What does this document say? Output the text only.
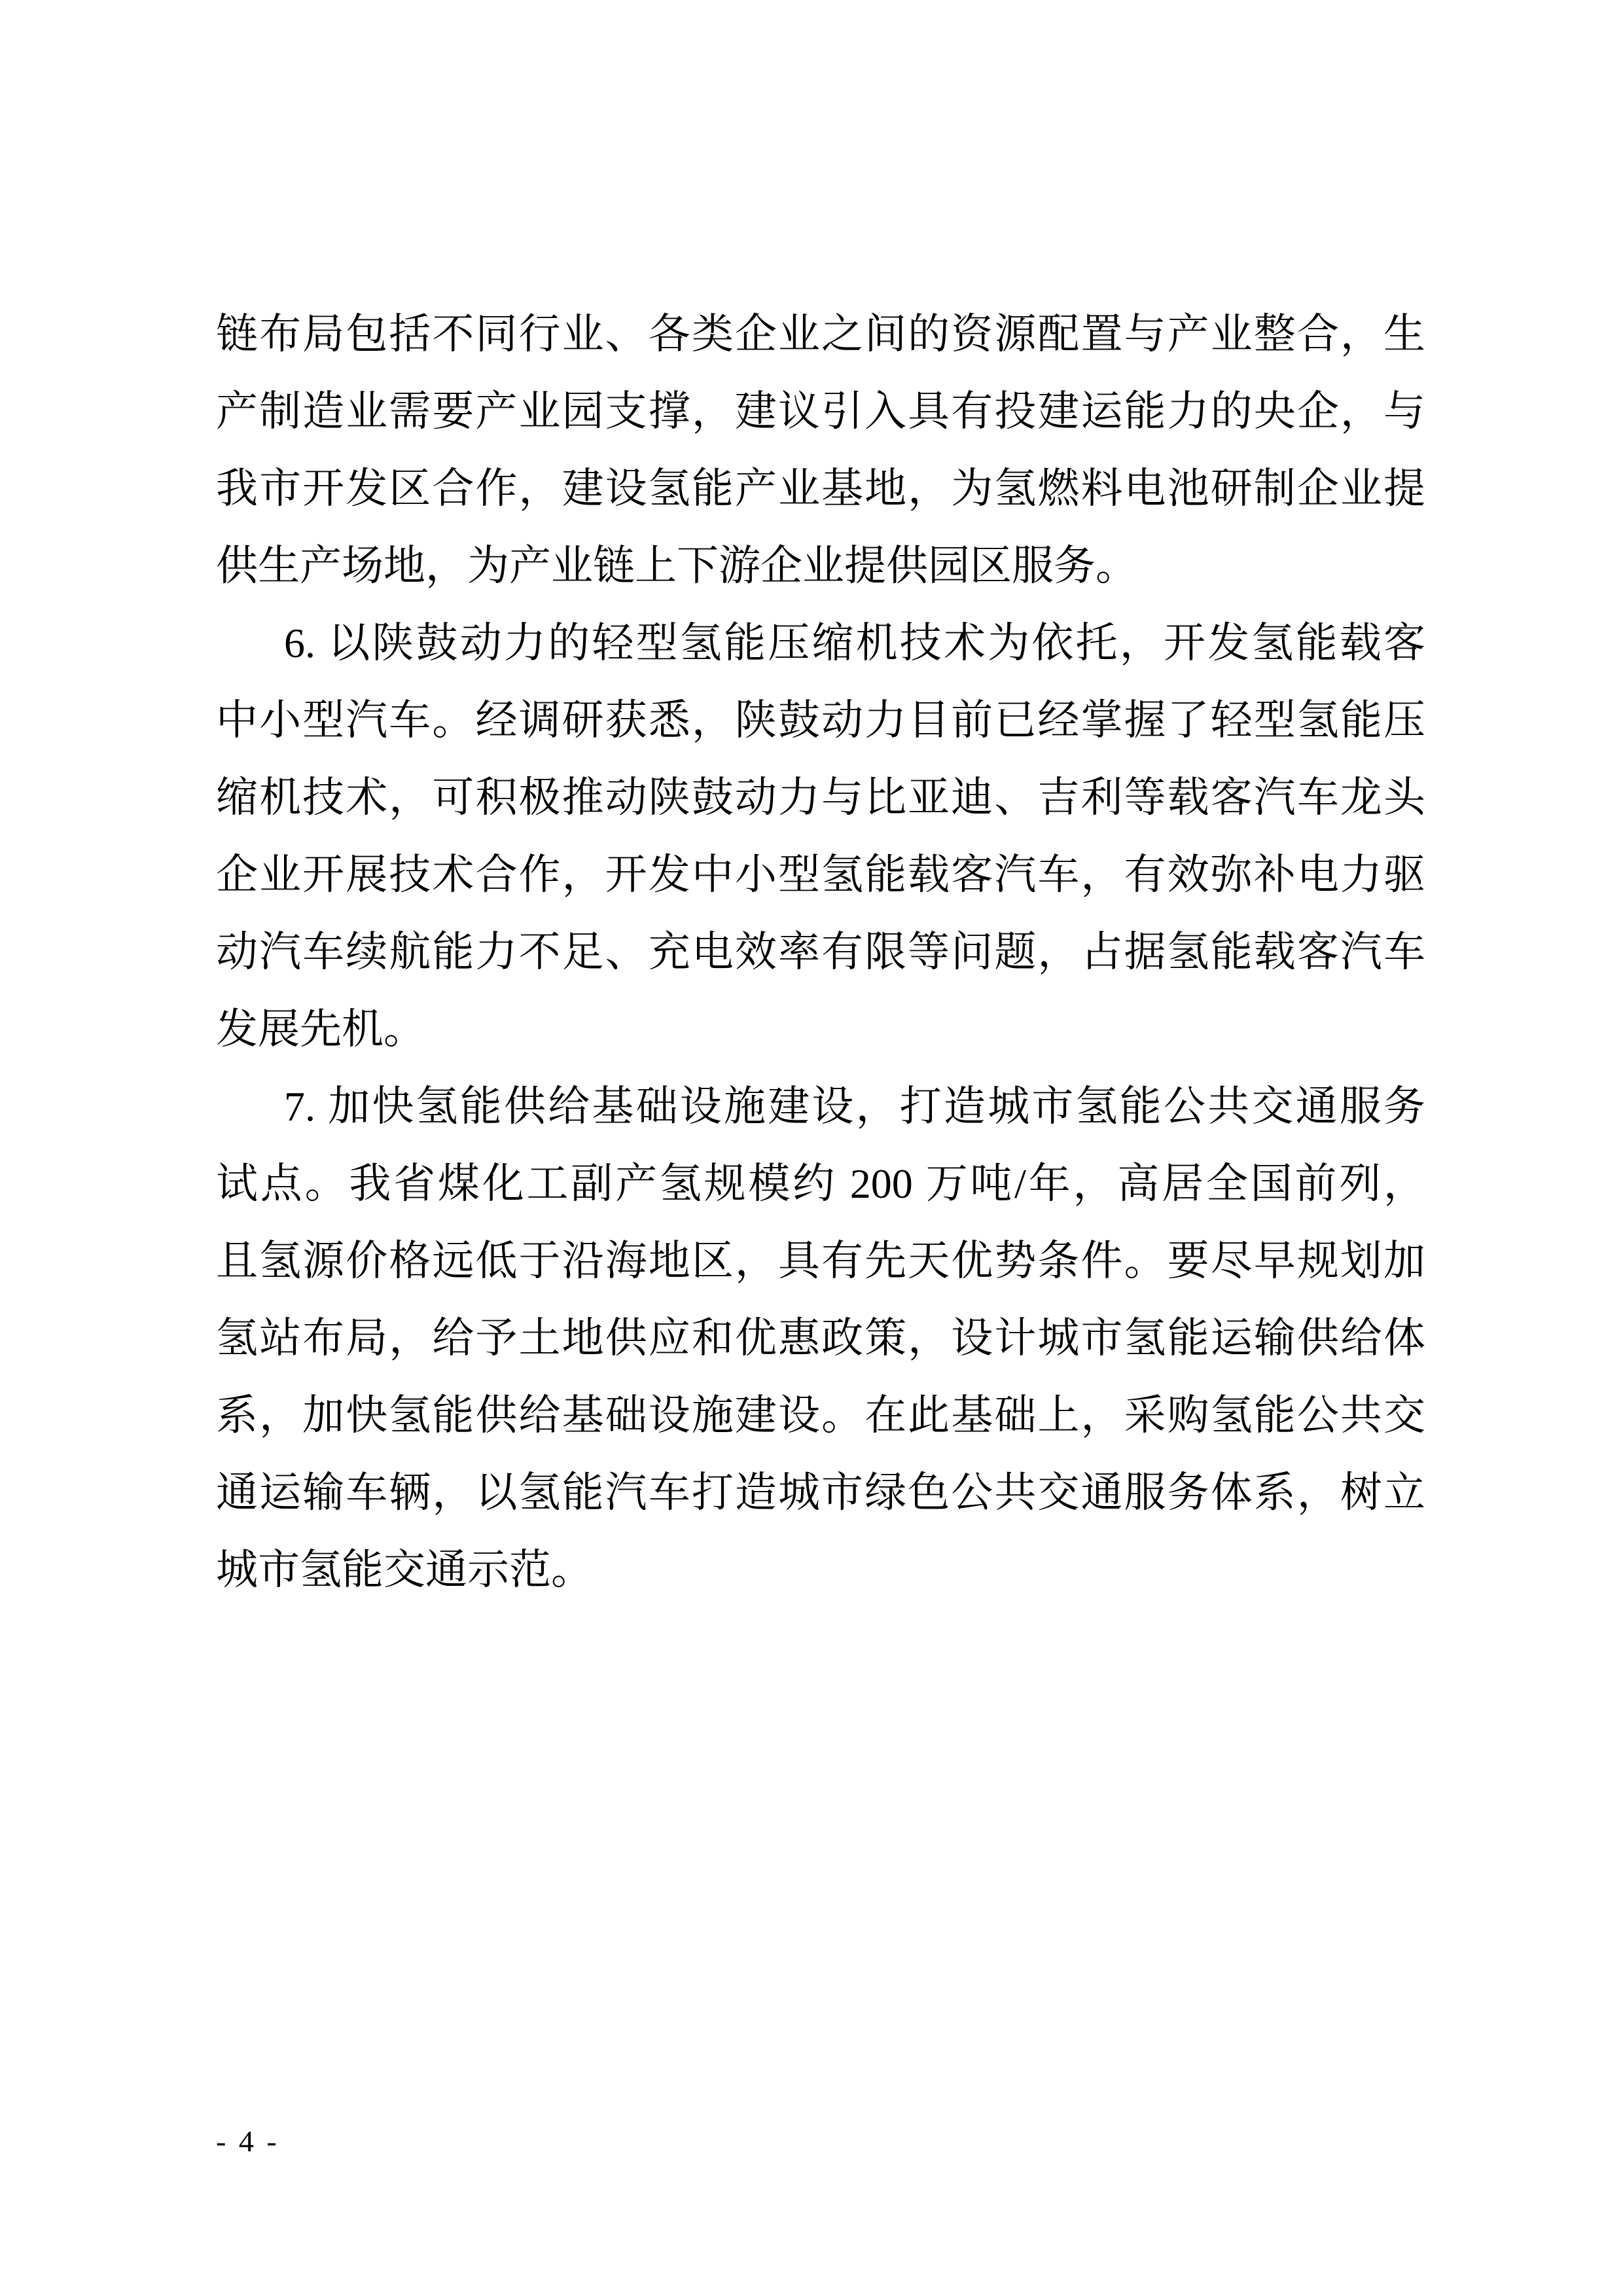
链布局包括不同行业、各类企业之间的资源配置与产业整合，生
产制造业需要产业园支撑，建议引入具有投建运能力的央企，与
我市开发区合作，建设氢能产业基地，为氢燃料电池研制企业提
供生产场地，为产业链上下游企业提供园区服务。
6. 以陕鼓动力的轻型氢能压缩机技术为依托，开发氢能载客
中小型汽车。经调研获悉，陕鼓动力目前已经掌握了轻型氢能压
缩机技术，可积极推动陕鼓动力与比亚迪、吉利等载客汽车龙头
企业开展技术合作，开发中小型氢能载客汽车，有效弥补电力驱
动汽车续航能力不足、充电效率有限等问题，占据氢能载客汽车
发展先机。
7. 加快氢能供给基础设施建设，打造城市氢能公共交通服务
试点。我省煤化工副产氢规模约 200 万吨/年，高居全国前列，
且氢源价格远低于沿海地区，具有先天优势条件。要尽早规划加
氢站布局，给予土地供应和优惠政策，设计城市氢能运输供给体
系，加快氢能供给基础设施建设。在此基础上，采购氢能公共交
通运输车辆，以氢能汽车打造城市绿色公共交通服务体系，树立
城市氢能交通示范。
- 4 -
